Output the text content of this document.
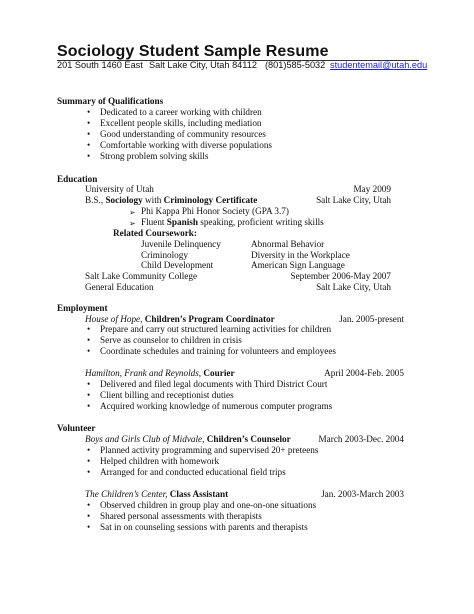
Sociology Student Sample Resume
201 South 1460 East Salt Lake City, Utah 84112 (801)585-5032 studentemail@utah.edu
Summary of Qualifications
• Dedicated to a career working with children
• Excellent people skills, including mediation
• Good understanding of community resources
• Comfortable working with diverse populations
• Strong problem solving skills
Education
University of Utah	May 2009
B.S., Sociology with Criminology Certificate	Salt Lake City, Utah
➢ Phi Kappa Phi Honor Society (GPA 3.7)
➢ Fluent Spanish speaking, proficient writing skills
Related Coursework:
Juvenile Delinquency	Abnormal Behavior
Criminology	Diversity in the Workplace
Child Development	American Sign Language
Salt Lake Community College	September 2006-May 2007
General Education	Salt Lake City, Utah
Employment
House of Hope, Children’s Program Coordinator	Jan. 2005-present
• Prepare and carry out structured learning activities for children
• Serve as counselor to children in crisis
• Coordinate schedules and training for volunteers and employees
Hamilton, Frank and Reynolds, Courier	April 2004-Feb. 2005
• Delivered and filed legal documents with Third District Court
• Client billing and receptionist duties
• Acquired working knowledge of numerous computer programs
Volunteer
Boys and Girls Club of Midvale, Children’s Counselor	March 2003-Dec. 2004
• Planned activity programming and supervised 20+ preteens
• Helped children with homework
• Arranged for and conducted educational field trips
The Children’s Center, Class Assistant	Jan. 2003-March 2003
• Observed children in group play and one-on-one situations
• Shared personal assessments with therapists
• Sat in on counseling sessions with parents and therapists
